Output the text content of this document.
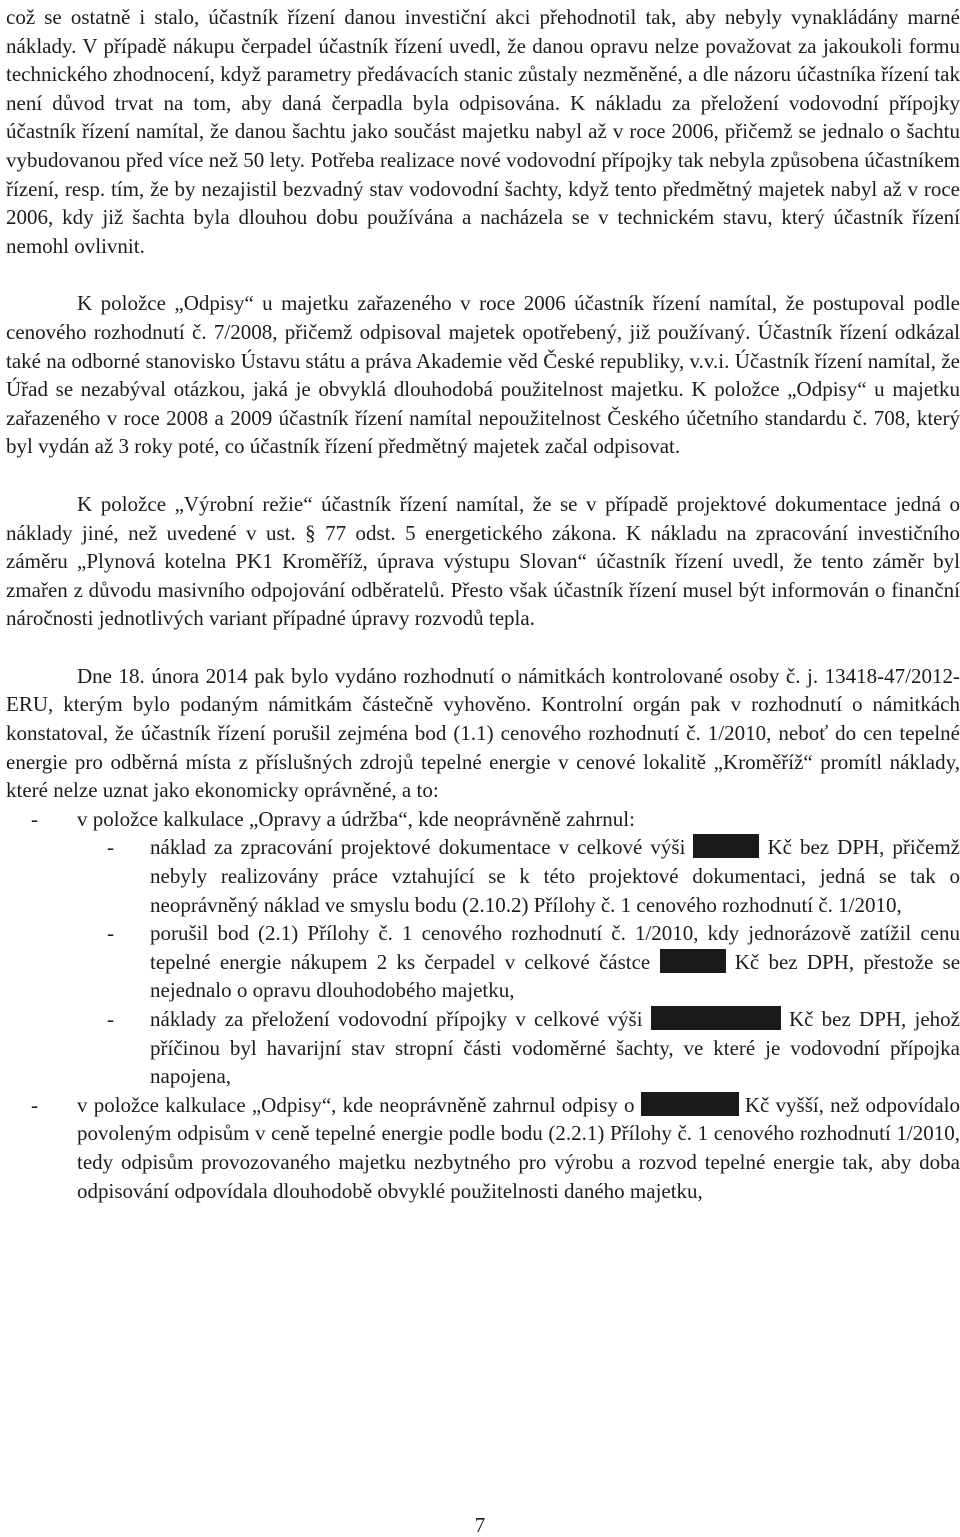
což se ostatně i stalo, účastník řízení danou investiční akci přehodnotil tak, aby nebyly vynakládány marné náklady. V případě nákupu čerpadel účastník řízení uvedl, že danou opravu nelze považovat za jakoukoli formu technického zhodnocení, když parametry předávacích stanic zůstaly nezměněné, a dle názoru účastníka řízení tak není důvod trvat na tom, aby daná čerpadla byla odpisována. K nákladu za přeložení vodovodní přípojky účastník řízení namítal, že danou šachtu jako součást majetku nabyl až v roce 2006, přičemž se jednalo o šachtu vybudovanou před více než 50 lety. Potřeba realizace nové vodovodní přípojky tak nebyla způsobena účastníkem řízení, resp. tím, že by nezajistil bezvadný stav vodovodní šachty, když tento předmětný majetek nabyl až v roce 2006, kdy již šachta byla dlouhou dobu používána a nacházela se v technickém stavu, který účastník řízení nemohl ovlivnit.

K položce „Odpisy“ u majetku zařazeného v roce 2006 účastník řízení namítal, že postupoval podle cenového rozhodnutí č. 7/2008, přičemž odpisoval majetek opotřebený, již používaný. Účastník řízení odkázal také na odborné stanovisko Ústavu státu a práva Akademie věd České republiky, v.v.i. Účastník řízení namítal, že Úřad se nezabýval otázkou, jaká je obvyklá dlouhodobá použitelnost majetku. K položce „Odpisy“ u majetku zařazeného v roce 2008 a 2009 účastník řízení namítal nepoužitelnost Českého účetního standardu č. 708, který byl vydán až 3 roky poté, co účastník řízení předmětný majetek začal odpisovat.

K položce „Výrobní režie“ účastník řízení namítal, že se v případě projektové dokumentace jedná o náklady jiné, než uvedené v ust. § 77 odst. 5 energetického zákona. K nákladu na zpracování investičního záměru „Plynová kotelna PK1 Kroměříž, úprava výstupu Slovan“ účastník řízení uvedl, že tento záměr byl zmařen z důvodu masivního odpojování odběratelů. Přesto však účastník řízení musel být informován o finanční náročnosti jednotlivých variant případné úpravy rozvodů tepla.

Dne 18. února 2014 pak bylo vydáno rozhodnutí o námitkách kontrolované osoby č. j. 13418-47/2012-ERU, kterým bylo podaným námitkám částečně vyhověno. Kontrolní orgán pak v rozhodnutí o námitkách konstatoval, že účastník řízení porušil zejména bod (1.1) cenového rozhodnutí č. 1/2010, neboť do cen tepelné energie pro odběrná místa z příslušných zdrojů tepelné energie v cenové lokalitě „Kroměříž“ promítl náklady, které nelze uznat jako ekonomicky oprávněné, a to:

- v položce kalkulace „Opravy a údržba“, kde neoprávněně zahrnul:
- náklad za zpracování projektové dokumentace v celkové výši	Kč bez DPH, přičemž nebyly realizovány práce vztahující se k této projektové dokumentaci, jedná se tak o neoprávněný náklad ve smyslu bodu (2.10.2) Přílohy č. 1 cenového rozhodnutí č. 1/2010,
- porušil bod (2.1) Přílohy č. 1 cenového rozhodnutí č. 1/2010, kdy jednorázově zatížil cenu tepelné energie nákupem 2 ks čerpadel v celkové částce	Kč bez DPH, přestože se nejednalo o opravu dlouhodobého majetku,
- náklady za přeložení vodovodní přípojky v celkové výši	Kč bez DPH, jehož příčinou byl havarijní stav stropní části vodoměrné šachty, ve které je vodovodní přípojka napojena,
- v položce kalkulace „Odpisy“, kde neoprávněně zahrnul odpisy o	Kč vyšší, než odpovídalo povoleným odpisům v ceně tepelné energie podle bodu (2.2.1) Přílohy č. 1 cenového rozhodnutí 1/2010, tedy odpisům provozovaného majetku nezbytného pro výrobu a rozvod tepelné energie tak, aby doba odpisování odpovídala dlouhodobě obvyklé použitelnosti daného majetku,
7
